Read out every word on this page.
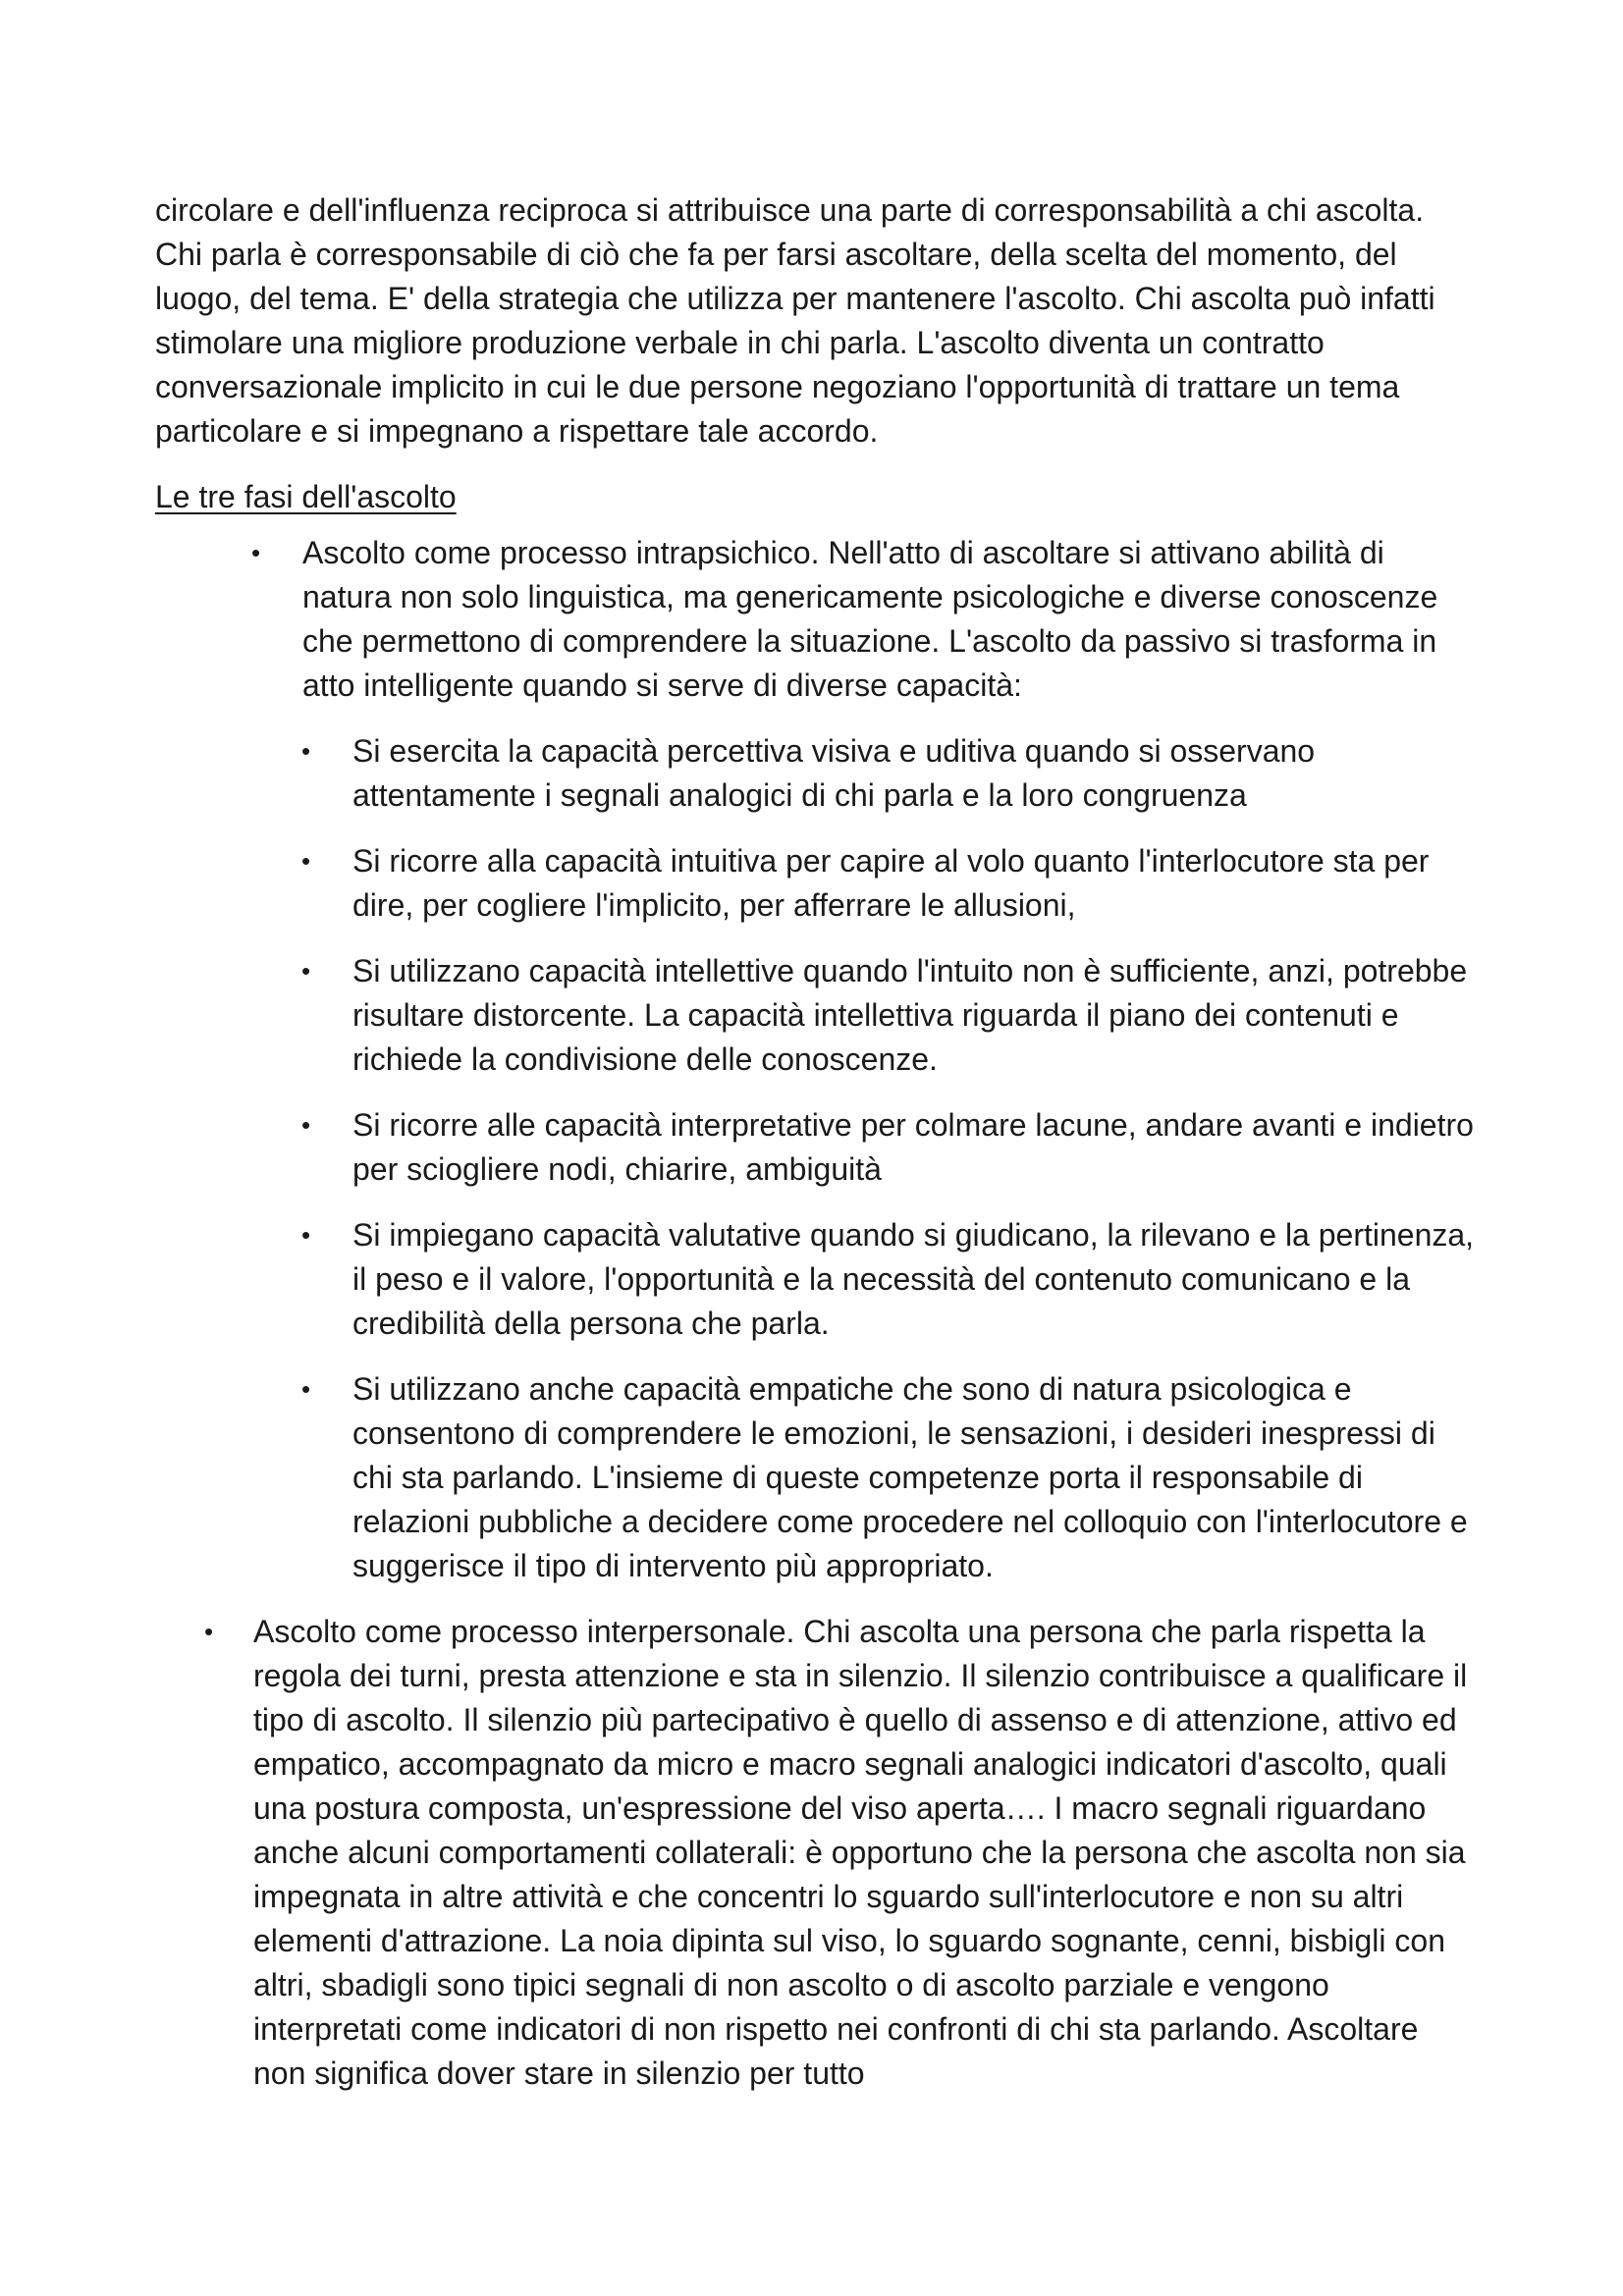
circolare e dell'influenza reciproca si attribuisce una parte di corresponsabilità a chi ascolta. Chi parla è corresponsabile di ciò che fa per farsi ascoltare, della scelta del momento, del luogo, del tema. E' della strategia che utilizza per mantenere l'ascolto. Chi ascolta può infatti stimolare una migliore produzione verbale in chi parla. L'ascolto diventa un contratto conversazionale implicito in cui le due persone negoziano l'opportunità di trattare un tema particolare e si impegnano a rispettare tale accordo.

Le tre fasi dell'ascolto

• Ascolto come processo intrapsichico. Nell'atto di ascoltare si attivano abilità di natura non solo linguistica, ma genericamente psicologiche e diverse conoscenze che permettono di comprendere la situazione. L'ascolto da passivo si trasforma in atto intelligente quando si serve di diverse capacità:
• Si esercita la capacità percettiva visiva e uditiva quando si osservano attentamente i segnali analogici di chi parla e la loro congruenza
• Si ricorre alla capacità intuitiva per capire al volo quanto l'interlocutore sta per dire, per cogliere l'implicito, per afferrare le allusioni,
• Si utilizzano capacità intellettive quando l'intuito non è sufficiente, anzi, potrebbe risultare distorcente. La capacità intellettiva riguarda il piano dei contenuti e richiede la condivisione delle conoscenze.
• Si ricorre alle capacità interpretative per colmare lacune, andare avanti e indietro per sciogliere nodi, chiarire, ambiguità
• Si impiegano capacità valutative quando si giudicano, la rilevano e la pertinenza, il peso e il valore, l'opportunità e la necessità del contenuto comunicano e la credibilità della persona che parla.
• Si utilizzano anche capacità empatiche che sono di natura psicologica e consentono di comprendere le emozioni, le sensazioni, i desideri inespressi di chi sta parlando. L'insieme di queste competenze porta il responsabile di relazioni pubbliche a decidere come procedere nel colloquio con l'interlocutore e suggerisce il tipo di intervento più appropriato.
• Ascolto come processo interpersonale. Chi ascolta una persona che parla rispetta la regola dei turni, presta attenzione e sta in silenzio. Il silenzio contribuisce a qualificare il tipo di ascolto. Il silenzio più partecipativo è quello di assenso e di attenzione, attivo ed empatico, accompagnato da micro e macro segnali analogici indicatori d'ascolto, quali una postura composta, un'espressione del viso aperta…. I macro segnali riguardano anche alcuni comportamenti collaterali: è opportuno che la persona che ascolta non sia impegnata in altre attività e che concentri lo sguardo sull'interlocutore e non su altri elementi d'attrazione. La noia dipinta sul viso, lo sguardo sognante, cenni, bisbigli con altri, sbadigli sono tipici segnali di non ascolto o di ascolto parziale e vengono interpretati come indicatori di non rispetto nei confronti di chi sta parlando. Ascoltare non significa dover stare in silenzio per tutto
